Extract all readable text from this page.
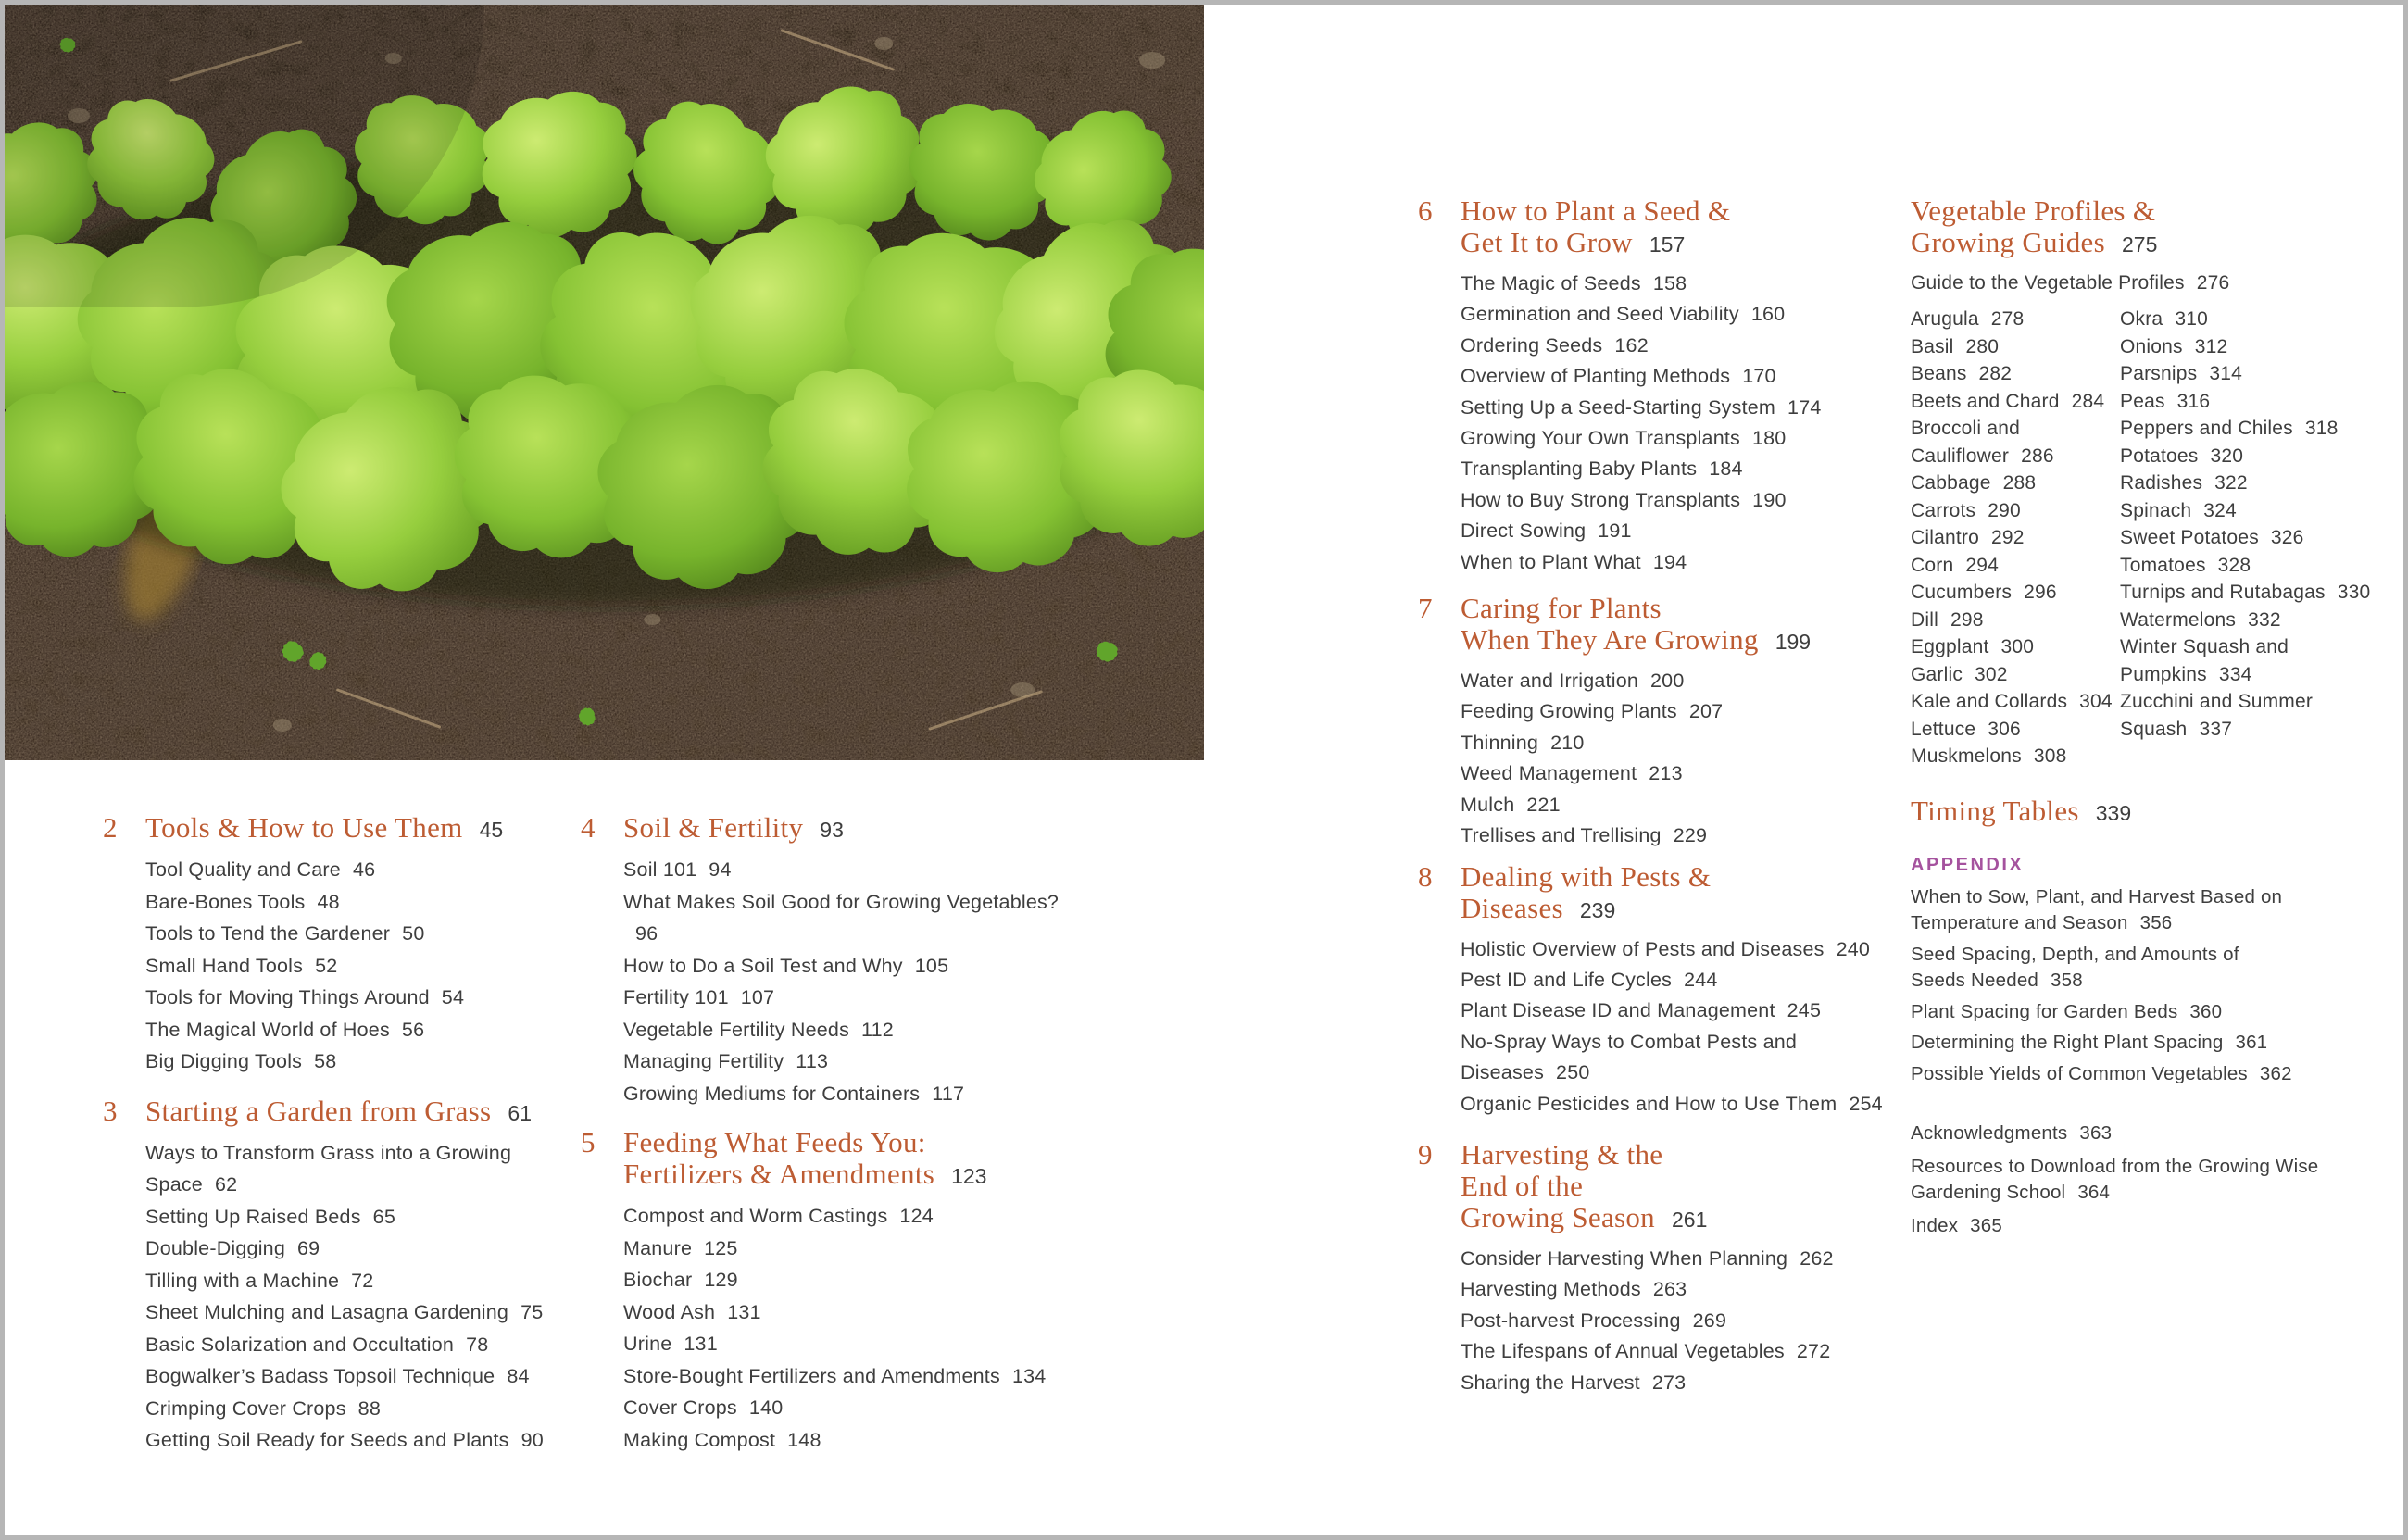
2 Tools & How to Use Them 45
Tool Quality and Care 46
Bare-Bones Tools 48
Tools to Tend the Gardener 50
Small Hand Tools 52
Tools for Moving Things Around 54
The Magical World of Hoes 56
Big Digging Tools 58
3 Starting a Garden from Grass 61
Ways to Transform Grass into a Growing Space 62
Setting Up Raised Beds 65
Double-Digging 69
Tilling with a Machine 72
Sheet Mulching and Lasagna Gardening 75
Basic Solarization and Occultation 78
Bogwalker’s Badass Topsoil Technique 84
Crimping Cover Crops 88
Getting Soil Ready for Seeds and Plants 90
4 Soil & Fertility 93
Soil 101 94
What Makes Soil Good for Growing Vegetables?96
How to Do a Soil Test and Why 105
Fertility 101 107
Vegetable Fertility Needs 112
Managing Fertility 113
Growing Mediums for Containers 117
5 Feeding What Feeds You:
Fertilizers & Amendments 123
Compost and Worm Castings 124
Manure 125
Biochar 129
Wood Ash 131
Urine 131
Store-Bought Fertilizers and Amendments 134
Cover Crops 140
Making Compost 148
6 How to Plant a Seed &
Get It to Grow 157
The Magic of Seeds 158
Germination and Seed Viability 160
Ordering Seeds 162
Overview of Planting Methods 170
Setting Up a Seed-Starting System 174
Growing Your Own Transplants 180
Transplanting Baby Plants 184
How to Buy Strong Transplants 190
Direct Sowing 191
When to Plant What 194
7 Caring for Plants
When They Are Growing 199
Water and Irrigation 200
Feeding Growing Plants 207
Thinning 210
Weed Management 213
Mulch 221
Trellises and Trellising 229
8 Dealing with Pests &
Diseases 239
Holistic Overview of Pests and Diseases 240
Pest ID and Life Cycles 244
Plant Disease ID and Management 245
No-Spray Ways to Combat Pests and Diseases 250
Organic Pesticides and How to Use Them 254
9 Harvesting & the
End of the
Growing Season 261
Consider Harvesting When Planning 262
Harvesting Methods 263
Post-harvest Processing 269
The Lifespans of Annual Vegetables 272
Sharing the Harvest 273
Vegetable Profiles &
Growing Guides 275
Guide to the Vegetable Profiles 276
Arugula 278
Basil 280
Beans 282
Beets and Chard 284
Broccoli and
Cauliflower 286
Cabbage 288
Carrots 290
Cilantro 292
Corn 294
Cucumbers 296
Dill 298
Eggplant 300
Garlic 302
Kale and Collards 304
Lettuce 306
Muskmelons 308
Okra 310
Onions 312
Parsnips 314
Peas 316
Peppers and Chiles 318
Potatoes 320
Radishes 322
Spinach 324
Sweet Potatoes 326
Tomatoes 328
Turnips and Rutabagas 330
Watermelons 332
Winter Squash and
Pumpkins 334
Zucchini and Summer
Squash 337
Timing Tables 339
APPENDIX
When to Sow, Plant, and Harvest Based on
Temperature and Season 356
Seed Spacing, Depth, and Amounts of
Seeds Needed 358
Plant Spacing for Garden Beds 360
Determining the Right Plant Spacing 361
Possible Yields of Common Vegetables 362
Acknowledgments 363
Resources to Download from the Growing Wise
Gardening School 364
Index 365
